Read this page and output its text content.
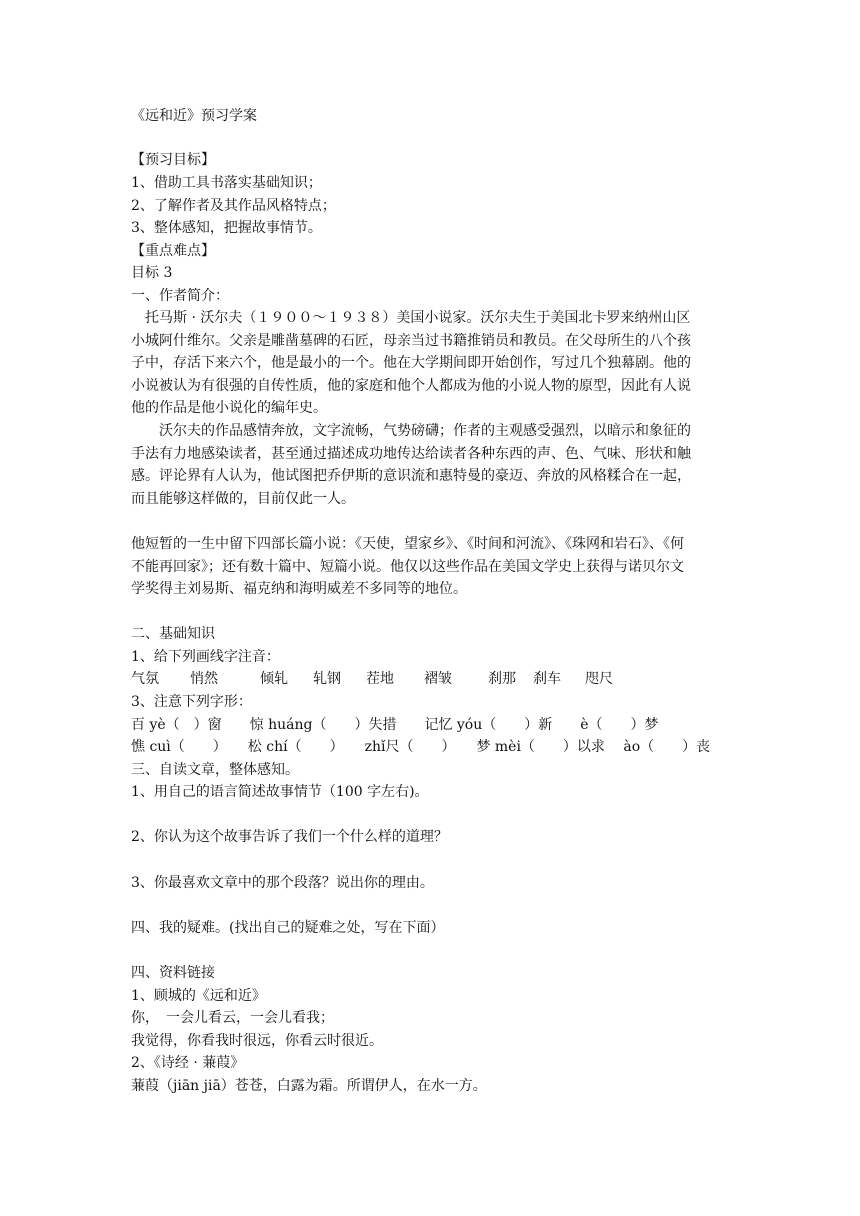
《远和近》预习学案
【预习目标】
1、借助工具书落实基础知识；
2、了解作者及其作品风格特点；
3、整体感知，把握故事情节。
【重点难点】
目标 3
一、作者简介：
托马斯 · 沃尔夫（１９００～１９３８）美国小说家。沃尔夫生于美国北卡罗来纳州山区
小城阿什维尔。父亲是雕凿墓碑的石匠，母亲当过书籍推销员和教员。在父母所生的八个孩
子中，存活下来六个，他是最小的一个。他在大学期间即开始创作，写过几个独幕剧。他的
小说被认为有很强的自传性质，他的家庭和他个人都成为他的小说人物的原型，因此有人说
他的作品是他小说化的编年史。
沃尔夫的作品感情奔放，文字流畅，气势磅礴；作者的主观感受强烈，以暗示和象征的
手法有力地感染读者，甚至通过描述成功地传达给读者各种东西的声、色、气味、形状和触
感。评论界有人认为，他试图把乔伊斯的意识流和惠特曼的豪迈、奔放的风格糅合在一起，
而且能够这样做的，目前仅此一人。
他短暂的一生中留下四部长篇小说：《天使，望家乡》、《时间和河流》、《珠网和岩石》、《何
不能再回家》；还有数十篇中、短篇小说。他仅以这些作品在美国文学史上获得与诺贝尔文
学奖得主刘易斯、福克纳和海明威差不多同等的地位。
二、基础知识
1、给下列画线字注音：
气氛 悄然	倾轧 轧钢 茬地 褶皱	刹那 刹车 咫尺
3、注意下列字形：
百 yè（　）窗　　惊 huáng（　　）失措　　记忆 yóu（　　）新　　è（　　）梦
憔 cuì（　　）　　松 chí（　　）　　zhǐ尺（　　）　　梦 mèi（　　）以求　 ào（　　）丧
三、自读文章，整体感知。
1、用自己的语言简述故事情节（100 字左右)。
2、你认为这个故事告诉了我们一个什么样的道理？
3、你最喜欢文章中的那个段落？说出你的理由。
四、我的疑难。(找出自己的疑难之处，写在下面）
四、资料链接
1、顾城的《远和近》
你，　一会儿看云，一会儿看我；
我觉得，你看我时很远，你看云时很近。
2、《诗经 · 蒹葭》
蒹葭（jiān jiā）苍苍，白露为霜。所谓伊人，在水一方。
